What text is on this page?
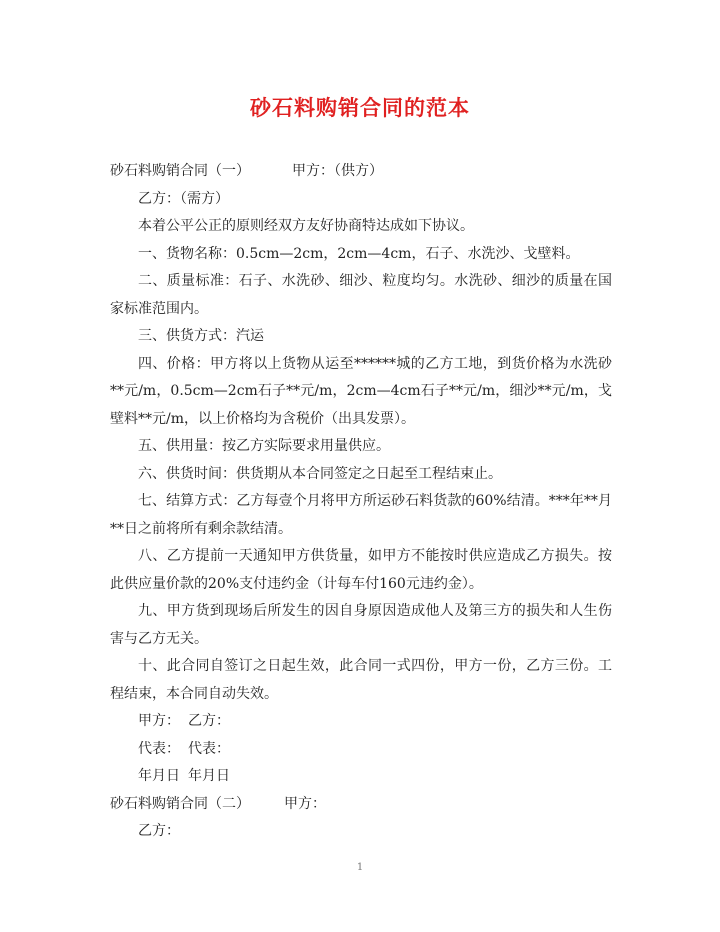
砂石料购销合同的范本

砂石料购销合同（一）	甲方：（供方）

乙方：（需方）

本着公平公正的原则经双方友好协商特达成如下协议。

一、货物名称：0.5cm—2cm，2cm—4cm，石子、水洗沙、戈壁料。

二、质量标准：石子、水洗砂、细沙、粒度均匀。水洗砂、细沙的质量在国家标准范围内。

三、供货方式：汽运

四、价格：甲方将以上货物从运至******城的乙方工地，到货价格为水洗砂**元/m，0.5cm—2cm石子**元/m，2cm—4cm石子**元/m，细沙**元/m，戈壁料**元/m，以上价格均为含税价（出具发票）。

五、供用量：按乙方实际要求用量供应。

六、供货时间：供货期从本合同签定之日起至工程结束止。

七、结算方式：乙方每壹个月将甲方所运砂石料货款的60%结清。***年**月**日之前将所有剩余款结清。

八、乙方提前一天通知甲方供货量，如甲方不能按时供应造成乙方损失。按此供应量价款的20%支付违约金（计每车付160元违约金）。

九、甲方货到现场后所发生的因自身原因造成他人及第三方的损失和人生伤害与乙方无关。

十、此合同自签订之日起生效，此合同一式四份，甲方一份，乙方三份。工程结束，本合同自动失效。

甲方： 乙方：

代表： 代表：

年月日 年月日

砂石料购销合同（二） 甲方：

乙方：

1
